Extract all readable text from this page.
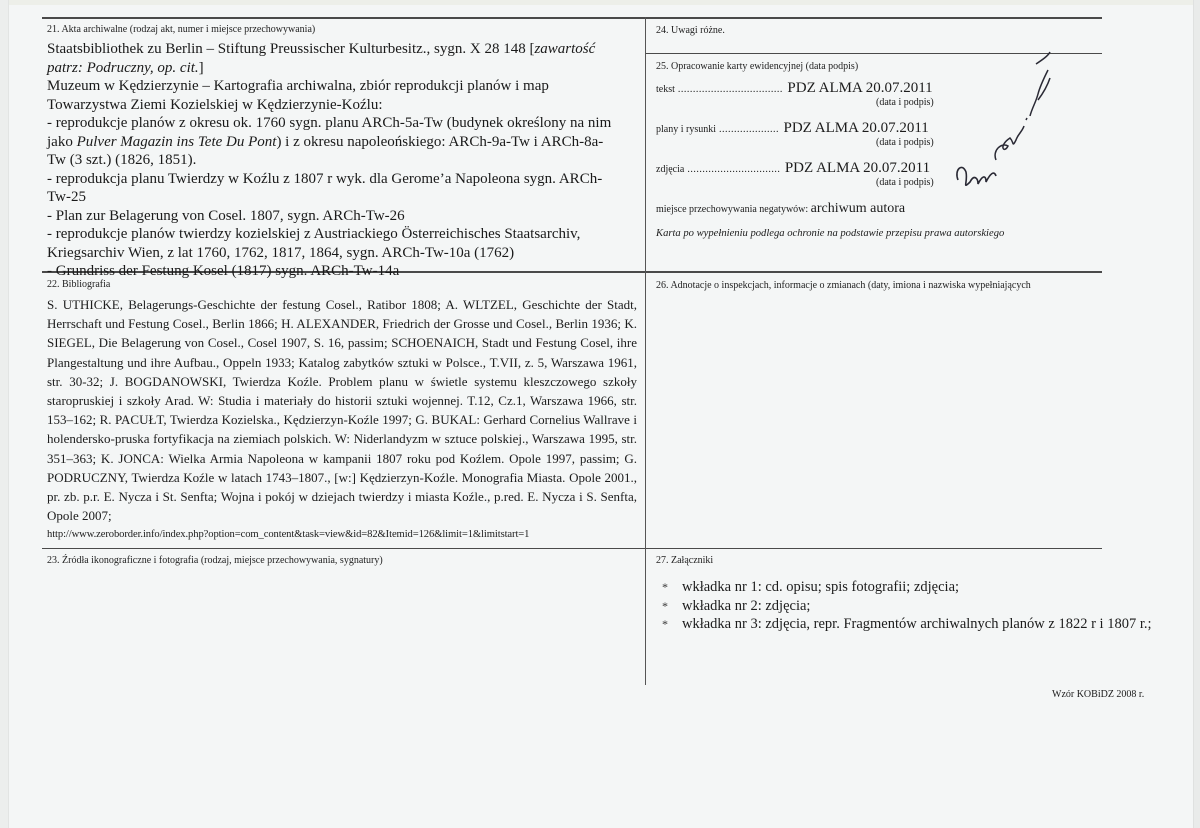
21. Akta archiwalne (rodzaj akt, numer i miejsce przechowywania)
Staatsbibliothek zu Berlin – Stiftung Preussischer Kulturbesitz., sygn. X 28 148 [zawartość
patrz: Podruczny, op. cit.]
Muzeum w Kędzierzynie – Kartografia archiwalna, zbiór reprodukcji planów i map
Towarzystwa Ziemi Kozielskiej w Kędzierzynie-Koźlu:
- reprodukcje planów z okresu ok. 1760 sygn. planu ARCh-5a-Tw (budynek określony na nim
jako Pulver Magazin ins Tete Du Pont) i z okresu napoleońskiego: ARCh-9a-Tw i ARCh-8a-
Tw (3 szt.) (1826, 1851).
- reprodukcja planu Twierdzy w Koźlu z 1807 r wyk. dla Gerome’a Napoleona sygn. ARCh-
Tw-25
- Plan zur Belagerung von Cosel. 1807, sygn. ARCh-Tw-26
- reprodukcje planów twierdzy kozielskiej z Austriackiego Österreichisches Staatsarchiv,
Kriegsarchiv Wien, z lat 1760, 1762, 1817, 1864, sygn. ARCh-Tw-10a (1762)
- Grundriss der Festung Kosel (1817) sygn. ARCh-Tw-14a
22. Bibliografia
S. UTHICKE, Belagerungs-Geschichte der festung Cosel., Ratibor 1808; A. WLTZEL, Geschichte der Stadt, Herrschaft und Festung Cosel., Berlin 1866; H. ALEXANDER, Friedrich der Grosse und Cosel., Berlin 1936; K. SIEGEL, Die Belagerung von Cosel., Cosel 1907, S. 16, passim; SCHOENAICH, Stadt und Festung Cosel, ihre Plangestaltung und ihre Aufbau., Oppeln 1933; Katalog zabytków sztuki w Polsce., T.VII, z. 5, Warszawa 1961, str. 30-32; J. BOGDANOWSKI, Twierdza Koźle. Problem planu w świetle systemu kleszczowego szkoły staropruskiej i szkoły Arad. W: Studia i materiały do historii sztuki wojennej. T.12, Cz.1, Warszawa 1966, str. 153–162; R. PACUŁT, Twierdza Kozielska., Kędzierzyn-Koźle 1997; G. BUKAL: Gerhard Cornelius Wallrave i holendersko-pruska fortyfikacja na ziemiach polskich. W: Niderlandyzm w sztuce polskiej., Warszawa 1995, str. 351–363; K. JONCA: Wielka Armia Napoleona w kampanii 1807 roku pod Koźlem. Opole 1997, passim; G. PODRUCZNY, Twierdza Koźle w latach 1743–1807., [w:] Kędzierzyn-Koźle. Monografia Miasta. Opole 2001., pr. zb. p.r. E. Nycza i St. Senfta; Wojna i pokój w dziejach twierdzy i miasta Koźle., p.red. E. Nycza i S. Senfta, Opole 2007;
http://www.zeroborder.info/index.php?option=com_content&task=view&id=82&Itemid=126&limit=1&limitstart=1
23. Źródła ikonograficzne i fotografia (rodzaj, miejsce przechowywania, sygnatury)
24. Uwagi różne.
25. Opracowanie karty ewidencyjnej (data podpis)
tekst ................................... PDZ ALMA 20.07.2011
(data i podpis)
plany i rysunki .................... PDZ ALMA 20.07.2011
(data i podpis)
zdjęcia ............................... PDZ ALMA 20.07.2011
(data i podpis)
miejsce przechowywania negatywów: archiwum autora
Karta po wypełnieniu podlega ochronie na podstawie przepisu prawa autorskiego
26. Adnotacje o inspekcjach, informacje o zmianach (daty, imiona i nazwiska wypełniających
27. Załączniki
* wkładka nr 1: cd. opisu; spis fotografii; zdjęcia;
* wkładka nr 2: zdjęcia;
* wkładka nr 3: zdjęcia, repr. Fragmentów archiwalnych planów z 1822 r i 1807 r.;
Wzór KOBiDZ 2008 r.
